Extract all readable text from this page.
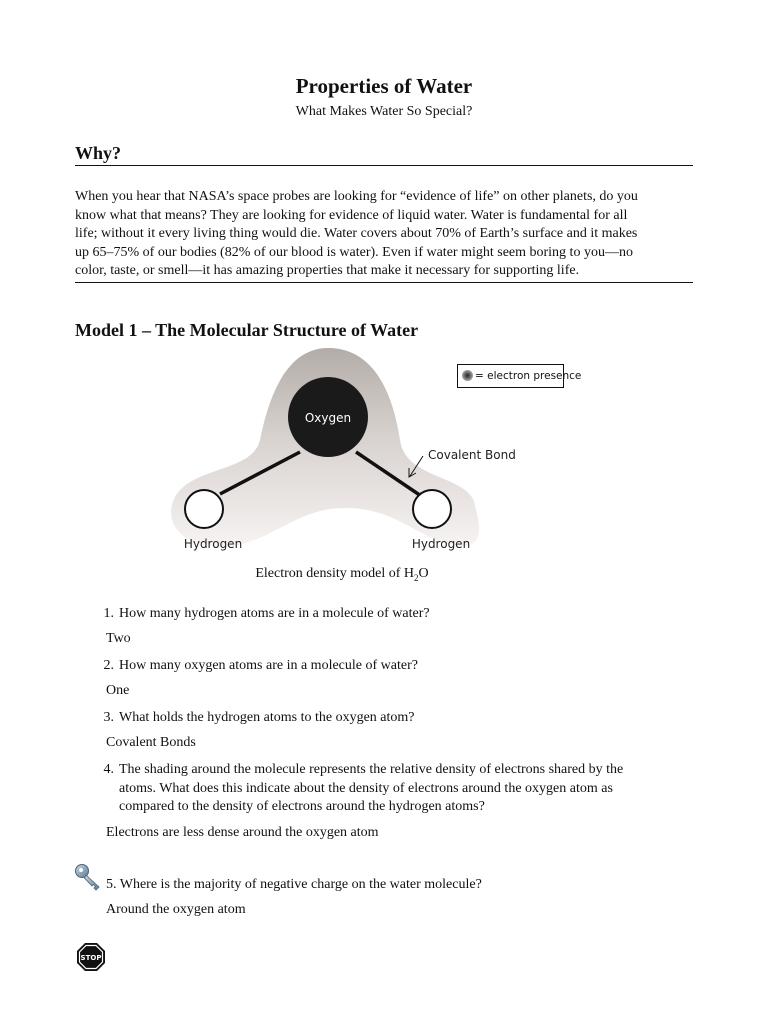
Properties of Water
What Makes Water So Special?
Why?
When you hear that NASA’s space probes are looking for “evidence of life” on other planets, do you
know what that means? They are looking for evidence of liquid water. Water is fundamental for all
life; without it every living thing would die. Water covers about 70% of Earth’s surface and it makes
up 65–75% of our bodies (82% of our blood is water). Even if water might seem boring to you—no
color, taste, or smell—it has amazing properties that make it necessary for supporting life.
Model 1 – The Molecular Structure of Water
Oxygen
Hydrogen	Hydrogen
Covalent Bond
= electron presence
Electron density model of $H_2O$
1. How many hydrogen atoms are in a molecule of water?
Two
2. How many oxygen atoms are in a molecule of water?
One
3. What holds the hydrogen atoms to the oxygen atom?
Covalent Bonds
4. The shading around the molecule represents the relative density of electrons shared by the
atoms. What does this indicate about the density of electrons around the oxygen atom as
compared to the density of electrons around the hydrogen atoms?
Electrons are less dense around the oxygen atom
5. Where is the majority of negative charge on the water molecule?
Around the oxygen atom
STOP
